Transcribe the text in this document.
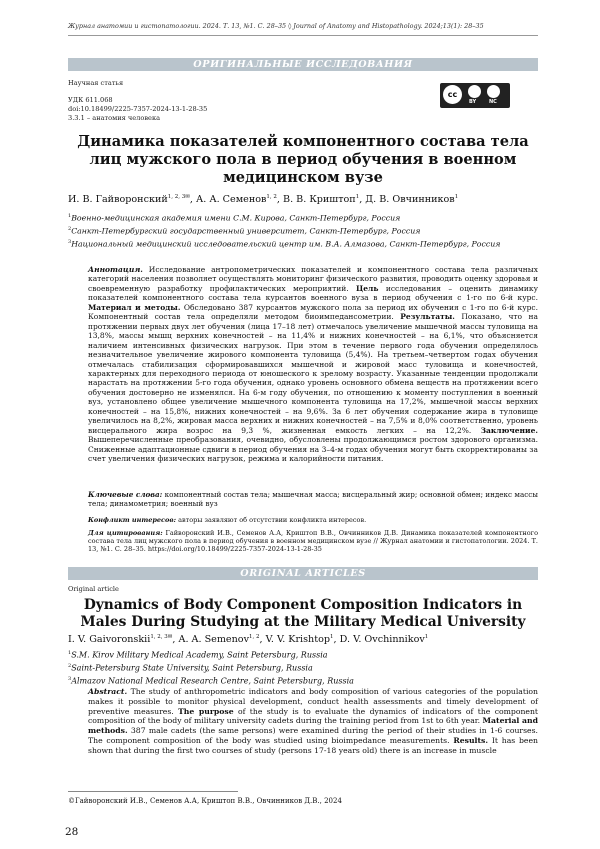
Журнал анатомии и гистопатологии. 2024. Т. 13, №1. С. 28–35 ◊ Journal of Anatomy and Histopathology. 2024;13(1): 28–35
ОРИГИНАЛЬНЫЕ ИССЛЕДОВАНИЯ
Научная статья
УДК 611.068
doi:10.18499/2225-7357-2024-13-1-28-35
3.3.1 – анатомия человека
cc
BY	NC
Динамика показателей компонентного состава тела лиц мужского пола в период обучения в военном медицинском вузе
И. В. Гайворонский1, 2, 3✉, А. А. Семенов1, 2, В. В. Криштоп1, Д. В. Овчинников1
1Военно-медицинская академия имени С.М. Кирова, Санкт-Петербург, Россия
2Санкт-Петербургский государственный университет, Санкт-Петербург, Россия
3Национальный медицинский исследовательский центр им. В.А. Алмазова, Санкт-Петербург, Россия
Аннотация. Исследование антропометрических показателей и компонентного состава тела различных категорий населения позволяет осуществлять мониторинг физического развития, проводить оценку здоровья и своевременную разработку профилактических мероприятий. Цель исследования – оценить динамику показателей компонентного состава тела курсантов военного вуза в период обучения с 1-го по 6-й курс. Материал и методы. Обследовано 387 курсантов мужского пола за период их обучения с 1-го по 6-й курс. Компонентный состав тела определяли методом биоимпедансометрии. Результаты. Показано, что на протяжении первых двух лет обучения (лица 17–18 лет) отмечалось увеличение мышечной массы туловища на 13,8%, массы мышц верхних конечностей – на 11,4% и нижних конечностей – на 6,1%, что объясняется наличием интенсивных физических нагрузок. При этом в течение первого года обучения определялось незначительное увеличение жирового компонента туловища (5,4%). На третьем–четвертом годах обучения отмечалась стабилизация сформировавшихся мышечной и жировой масс туловища и конечностей, характерных для переходного периода от юношеского к зрелому возрасту. Указанные тенденции продолжали нарастать на протяжении 5-го года обучения, однако уровень основного обмена веществ на протяжении всего обучения достоверно не изменялся. На 6-м году обучения, по отношению к моменту поступления в военный вуз, установлено общее увеличение мышечного компонента туловища на 17,2%, мышечной массы верхних конечностей – на 15,8%, нижних конечностей – на 9,6%. За 6 лет обучения содержание жира в туловище увеличилось на 8,2%, жировая масса верхних и нижних конечностей – на 7,5% и 8,0% соответственно, уровень висцерального жира возрос на 9,3 %, жизненная емкость легких – на 12,2%. Заключение. Вышеперечисленные преобразования, очевидно, обусловлены продолжающимся ростом здорового организма. Сниженные адаптационные сдвиги в период обучения на 3–4-м годах обучения могут быть скорректированы за счет увеличения физических нагрузок, режима и калорийности питания.
Ключевые слова: компонентный состав тела; мышечная масса; висцеральный жир; основной обмен; индекс массы тела; динамометрия; военный вуз
Конфликт интересов: авторы заявляют об отсутствии конфликта интересов.
Для цитирования: Гайворонский И.В., Семенов А.А, Криштоп В.В., Овчинников Д.В. Динамика показателей компонентного состава тела лиц мужского пола в период обучения в военном медицинском вузе // Журнал анатомии и гистопатологии. 2024. Т. 13, №1. С. 28–35. https://doi.org/10.18499/2225-7357-2024-13-1-28-35
ORIGINAL ARTICLES
Original article
Dynamics of Body Component Composition Indicators in Males During Studying at the Military Medical University
I. V. Gaivoronskii1, 2, 3✉, A. A. Semenov1, 2, V. V. Krishtop1, D. V. Ovchinnikov1
1S.M. Kirov Military Medical Academy, Saint Petersburg, Russia
2Saint-Petersburg State University, Saint Petersburg, Russia
3Almazov National Medical Research Centre, Saint Petersburg, Russia
Abstract. The study of anthropometric indicators and body composition of various categories of the population makes it possible to monitor physical development, conduct health assessments and timely development of preventive measures. The purpose of the study is to evaluate the dynamics of indicators of the component composition of the body of military university cadets during the training period from 1st to 6th year. Material and methods. 387 male cadets (the same persons) were examined during the period of their studies in 1-6 courses. The component composition of the body was studied using bioimpedance measurements. Results. It has been shown that during the first two courses of study (persons 17-18 years old) there is an increase in muscle
©Гайворонский И.В., Семенов А.А, Криштоп В.В., Овчинников Д.В., 2024
28
